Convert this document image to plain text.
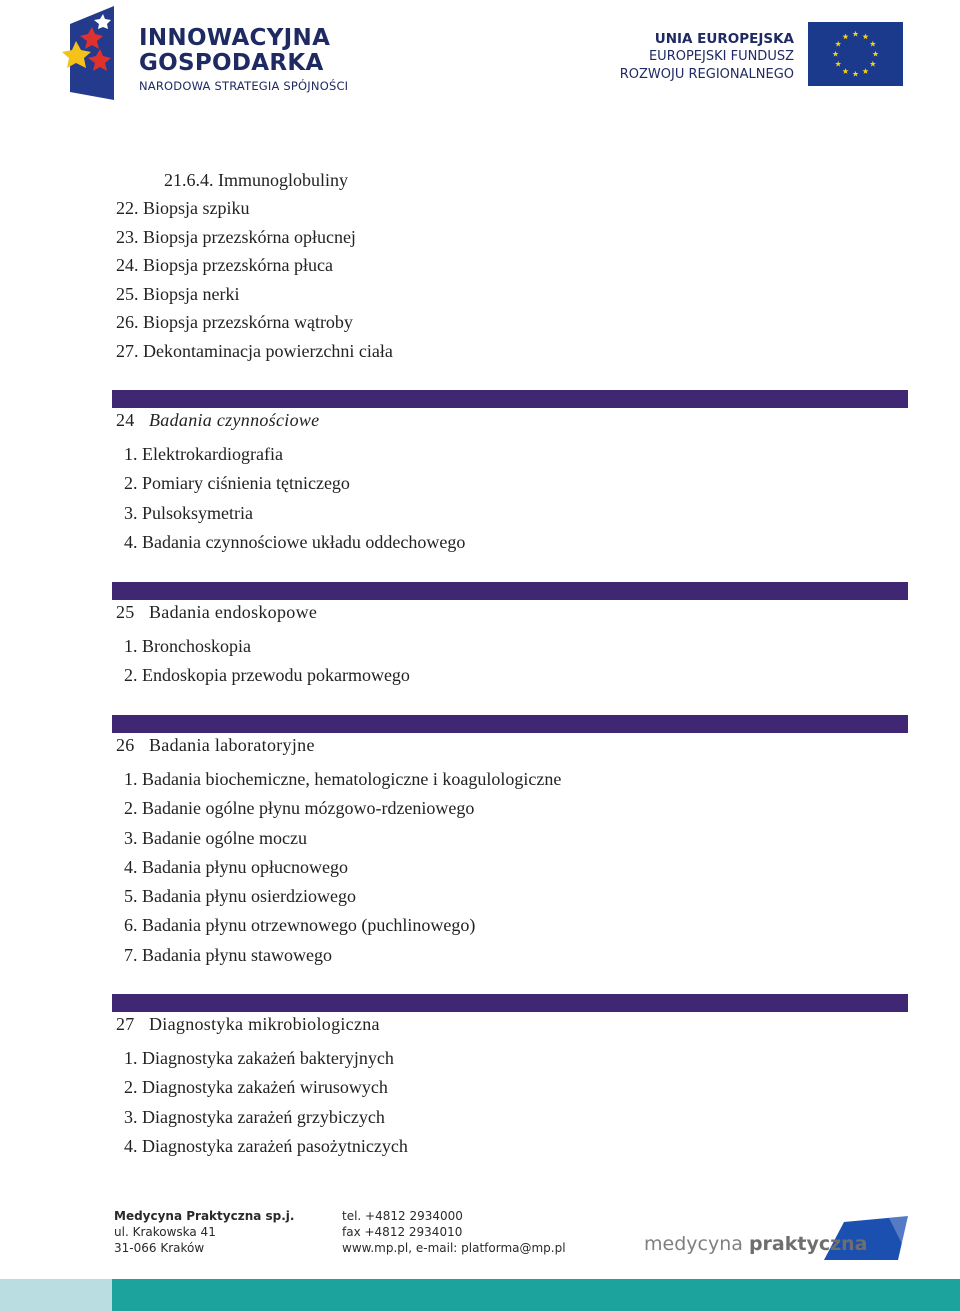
INNOWACYJNA
GOSPODARKA
NARODOWA STRATEGIA SPÓJNOŚCI
UNIA EUROPEJSKA
EUROPEJSKI FUNDUSZ
ROZWOJU REGIONALNEGO
21.6.4. Immunoglobuliny
22. Biopsja szpiku
23. Biopsja przezskórna opłucnej
24. Biopsja przezskórna płuca
25. Biopsja nerki
26. Biopsja przezskórna wątroby
27. Dekontaminacja powierzchni ciała
24 Badania czynnościowe
1. Elektrokardiografia
2. Pomiary ciśnienia tętniczego
3. Pulsoksymetria
4. Badania czynnościowe układu oddechowego
25 Badania endoskopowe
1. Bronchoskopia
2. Endoskopia przewodu pokarmowego
26 Badania laboratoryjne
1. Badania biochemiczne, hematologiczne i koagulologiczne
2. Badanie ogólne płynu mózgowo-rdzeniowego
3. Badanie ogólne moczu
4. Badania płynu opłucnowego
5. Badania płynu osierdziowego
6. Badania płynu otrzewnowego (puchlinowego)
7. Badania płynu stawowego
27 Diagnostyka mikrobiologiczna
1. Diagnostyka zakażeń bakteryjnych
2. Diagnostyka zakażeń wirusowych
3. Diagnostyka zarażeń grzybiczych
4. Diagnostyka zarażeń pasożytniczych
Medycyna Praktyczna sp.j.
ul. Krakowska 41
31-066 Kraków
tel. +4812 2934000
fax +4812 2934010
www.mp.pl, e-mail: platforma@mp.pl	medycyna praktyczna
